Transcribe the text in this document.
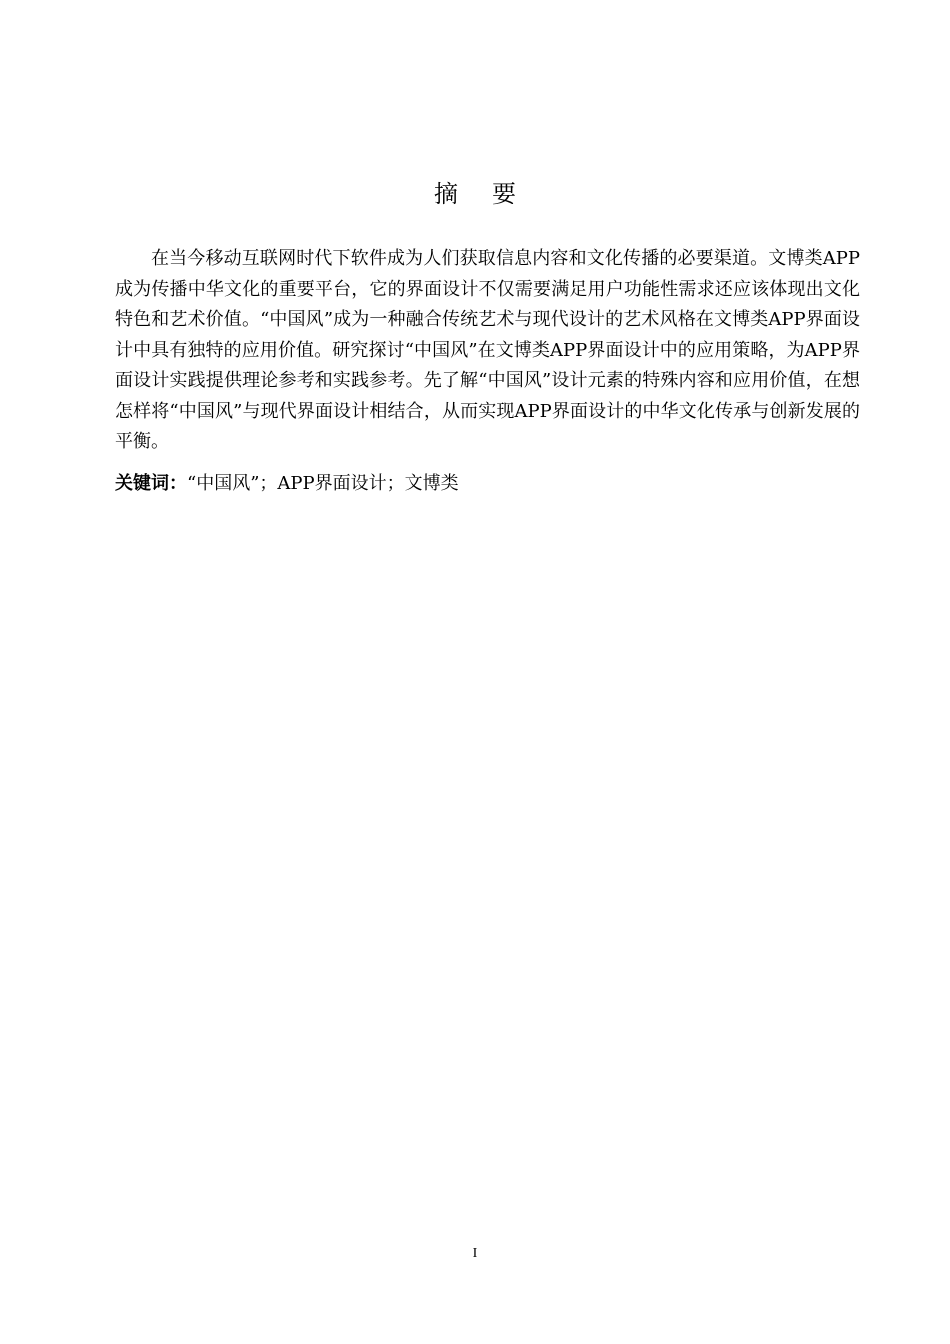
摘要

在当今移动互联网时代下软件成为人们获取信息内容和文化传播的必要渠道。文博类APP成为传播中华文化的重要平台，它的界面设计不仅需要满足用户功能性需求还应该体现出文化特色和艺术价值。“中国风”成为一种融合传统艺术与现代设计的艺术风格在文博类APP界面设计中具有独特的应用价值。研究探讨“中国风”在文博类APP界面设计中的应用策略，为APP界面设计实践提供理论参考和实践参考。先了解“中国风”设计元素的特殊内容和应用价值，在想怎样将“中国风”与现代界面设计相结合，从而实现APP界面设计的中华文化传承与创新发展的平衡。

关键词：“中国风”；APP界面设计；文博类
I
